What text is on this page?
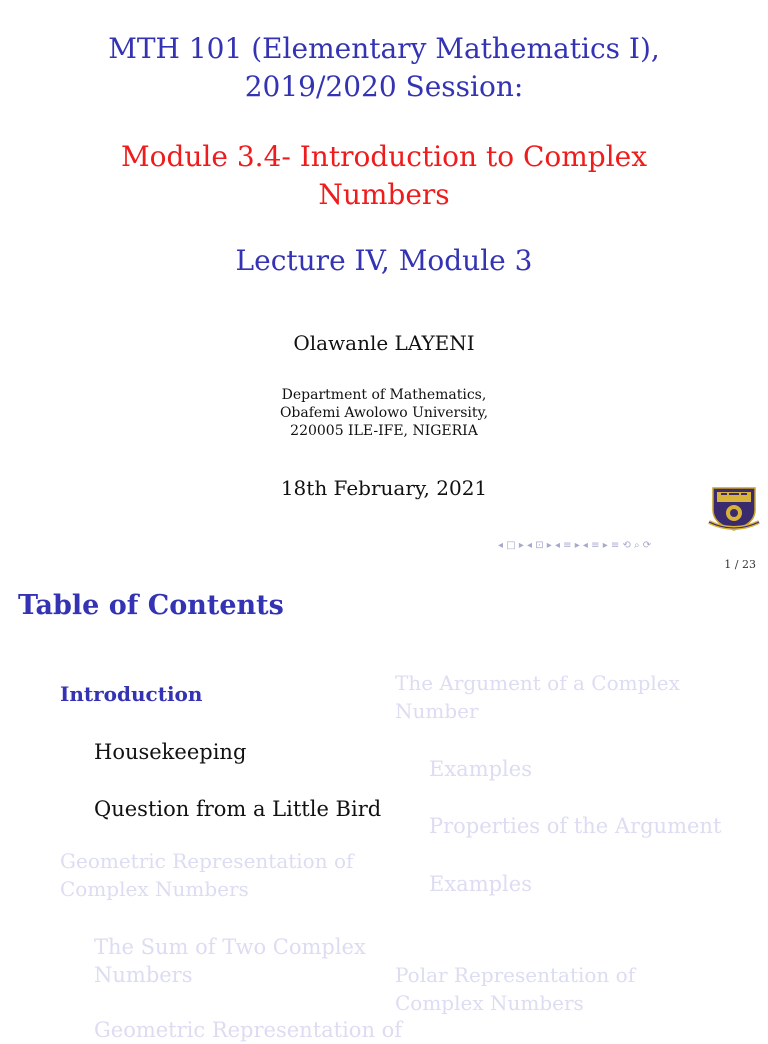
MTH 101 (Elementary Mathematics I),
2019/2020 Session:
Module 3.4- Introduction to Complex
Numbers
Lecture IV, Module 3
Olawanle LAYENI
Department of Mathematics,
Obafemi Awolowo University,
220005 ILE-IFE, NIGERIA
18th February, 2021
◂ □ ▸ ◂ ⊡ ▸ ◂ ≡ ▸ ◂ ≡ ▸ ≡ ⟲ ⌕ ⟳
1 / 23
Table of Contents
Introduction
Housekeeping
Question from a Little Bird
Geometric Representation of
Complex Numbers
The Sum of Two Complex
Numbers
Geometric Representation of
The Argument of a Complex
Number
Examples
Properties of the Argument
Examples
Polar Representation of
Complex Numbers
